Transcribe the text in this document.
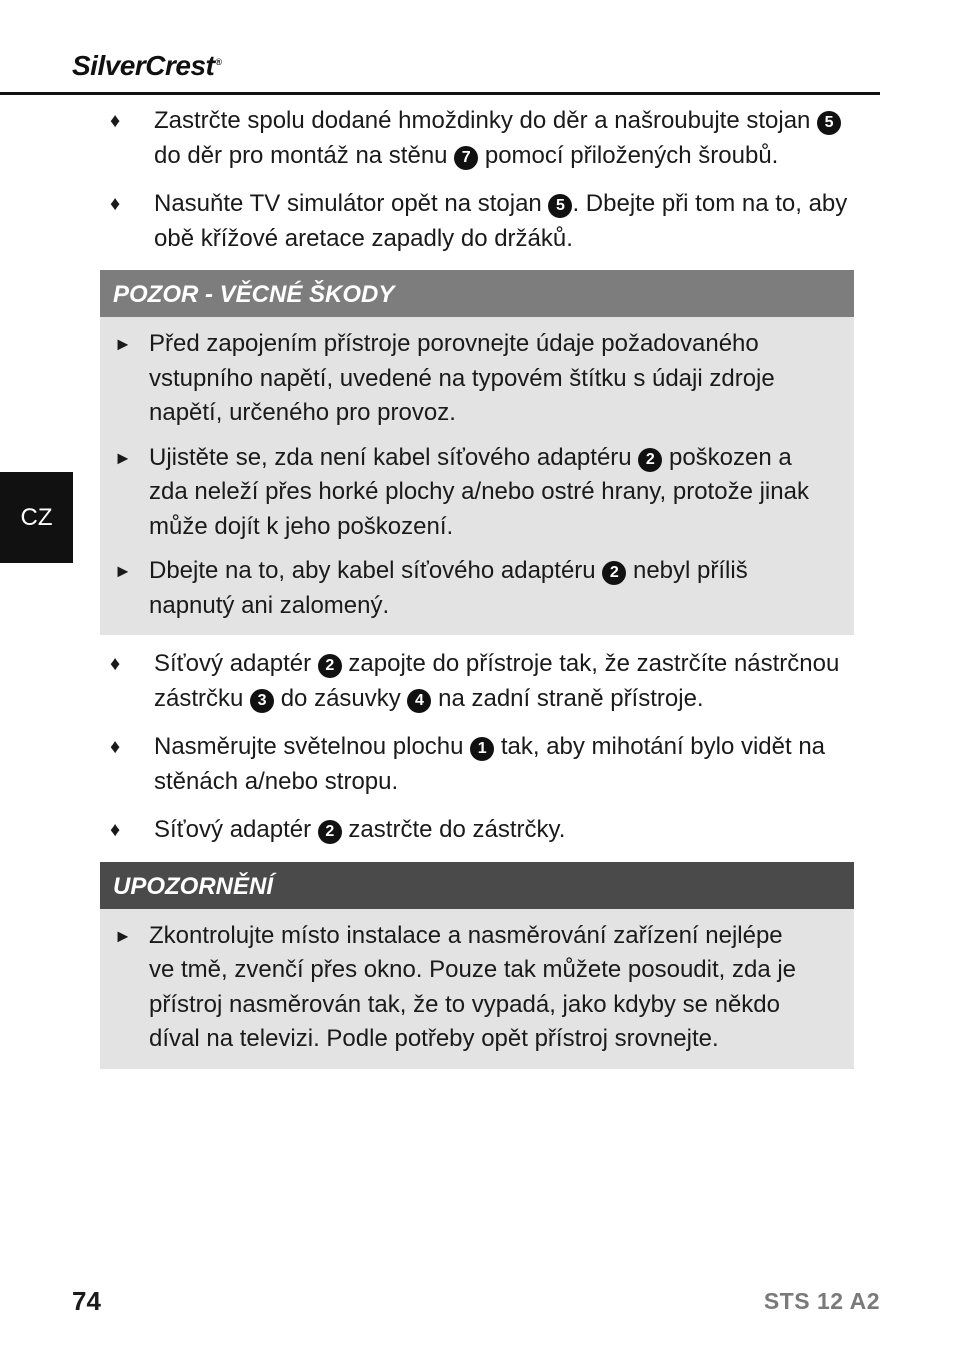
SilverCrest®
CZ
♦ Zastrčte spolu dodané hmoždinky do děr a našroubujte stojan 5 do děr pro montáž na stěnu 7 pomocí přiložených šroubů.
♦ Nasuňte TV simulátor opět na stojan 5 . Dbejte při tom na to, aby obě křížové aretace zapadly do držáků.
POZOR - VĚCNÉ ŠKODY
► Před zapojením přístroje porovnejte údaje požadovaného vstupního napětí, uvedené na typovém štítku s údaji zdroje napětí, určeného pro provoz.
► Ujistěte se, zda není kabel síťového adaptéru 2 poškozen a zda neleží přes horké plochy a/nebo ostré hrany, protože jinak může dojít k jeho poškození.
► Dbejte na to, aby kabel síťového adaptéru 2 nebyl příliš napnutý ani zalomený.
♦ Síťový adaptér 2 zapojte do přístroje tak, že zastrčíte nástrčnou zástrčku 3 do zásuvky 4 na zadní straně přístroje.
♦ Nasměrujte světelnou plochu 1 tak, aby mihotání bylo vidět na stěnách a/nebo stropu.
♦ Síťový adaptér 2 zastrčte do zástrčky.
UPOZORNĚNÍ
► Zkontrolujte místo instalace a nasměrování zařízení nejlépe ve tmě, zvenčí přes okno. Pouze tak můžete posoudit, zda je přístroj nasměrován tak, že to vypadá, jako kdyby se někdo díval na televizi. Podle potřeby opět přístroj srovnejte.
74	STS 12 A2
